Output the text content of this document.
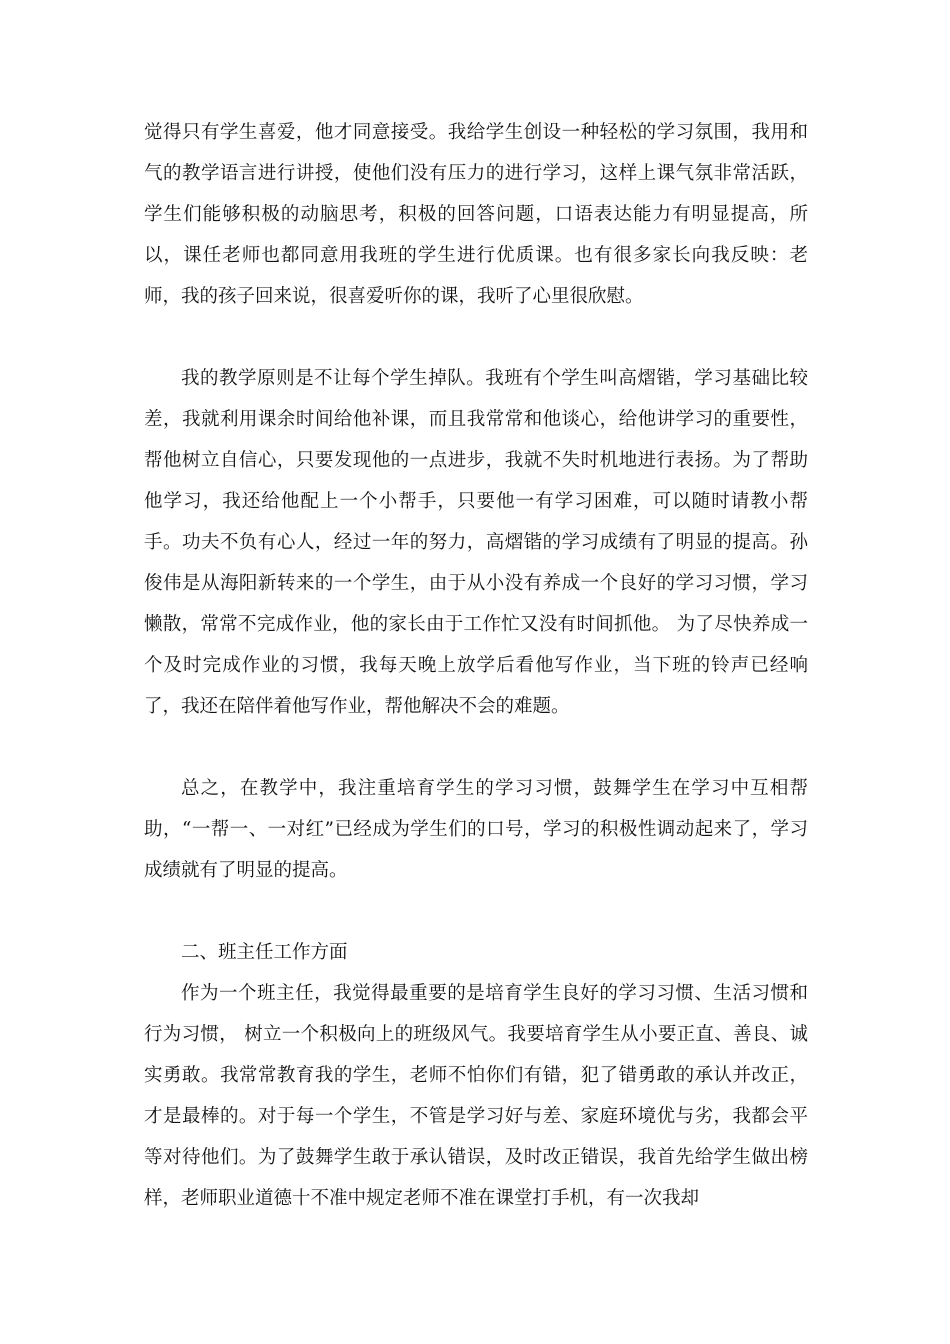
觉得只有学生喜爱，他才同意接受。我给学生创设一种轻松的学习氛围，我用和气的教学语言进行讲授，使他们没有压力的进行学习，这样上课气氛非常活跃，学生们能够积极的动脑思考，积极的回答问题，口语表达能力有明显提高，所以，课任老师也都同意用我班的学生进行优质课。也有很多家长向我反映：老师，我的孩子回来说，很喜爱听你的课，我听了心里很欣慰。

我的教学原则是不让每个学生掉队。我班有个学生叫高熠锴，学习基础比较差，我就利用课余时间给他补课，而且我常常和他谈心，给他讲学习的重要性，帮他树立自信心，只要发现他的一点进步，我就不失时机地进行表扬。为了帮助他学习，我还给他配上一个小帮手，只要他一有学习困难，可以随时请教小帮手。功夫不负有心人，经过一年的努力，高熠锴的学习成绩有了明显的提高。孙俊伟是从海阳新转来的一个学生，由于从小没有养成一个良好的学习习惯，学习懒散，常常不完成作业，他的家长由于工作忙又没有时间抓他。 为了尽快养成一个及时完成作业的习惯，我每天晚上放学后看他写作业，当下班的铃声已经响了，我还在陪伴着他写作业，帮他解决不会的难题。

总之，在教学中，我注重培育学生的学习习惯，鼓舞学生在学习中互相帮助，“一帮一、一对红”已经成为学生们的口号，学习的积极性调动起来了，学习成绩就有了明显的提高。

二、班主任工作方面

作为一个班主任，我觉得最重要的是培育学生良好的学习习惯、生活习惯和行为习惯， 树立一个积极向上的班级风气。我要培育学生从小要正直、善良、诚实勇敢。我常常教育我的学生，老师不怕你们有错，犯了错勇敢的承认并改正，才是最棒的。对于每一个学生，不管是学习好与差、家庭环境优与劣，我都会平等对待他们。为了鼓舞学生敢于承认错误，及时改正错误，我首先给学生做出榜样，老师职业道德十不准中规定老师不准在课堂打手机，有一次我却
